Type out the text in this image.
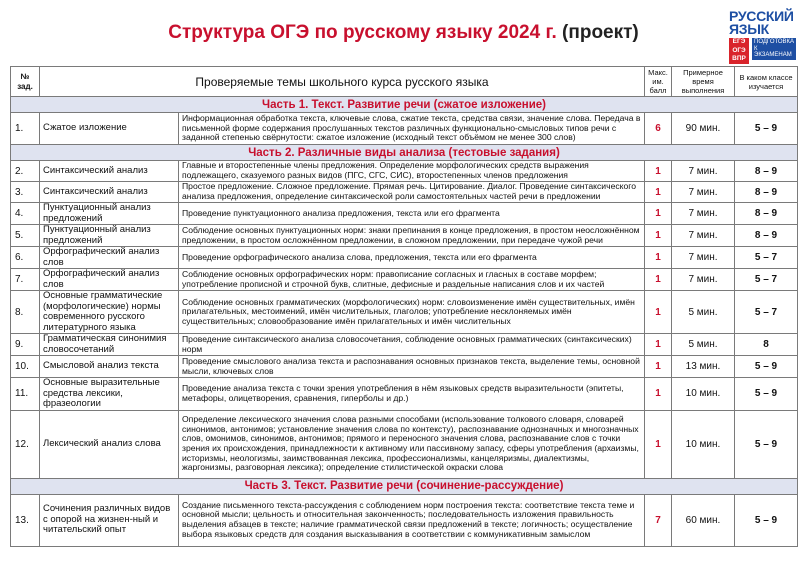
Структура ОГЭ по русскому языку 2024 г. (проект)
РУССКИЙ
ЯЗЫК
ЕГЭ
ОГЭ
ВПР
ПОДГОТОВКА К ЭКЗАМЕНАМ
№ зад.	Проверяемые темы школьного курса русского языка		Макс. им. балл	Примерное время выполнения	В каком классе изучается
Часть 1. Текст. Развитие речи (сжатое изложение)					
1.	Сжатое изложение	Информационная обработка текста, ключевые слова, сжатие текста, средства связи, значение слова. Передача в письменной форме содержания прослушанных текстов различных функционально-смысловых типов речи с заданной степенью свёрнутости: сжатое изложение (исходный текст объёмом не менее 300 слов)	6	90 мин.	5 – 9
Часть 2. Различные виды анализа (тестовые задания)					
2.	Синтаксический анализ	Главные и второстепенные члены предложения. Определение морфологических средств выражения подлежащего, сказуемого разных видов (ПГС, СГС, СИС), второстепенных членов предложения	1	7 мин.	8 – 9
3.	Синтаксический анализ	Простое предложение. Сложное предложение. Прямая речь. Цитирование. Диалог. Проведение синтаксического анализа предложения, определение синтаксической роли самостоятельных частей речи в предложении	1	7 мин.	8 – 9
4.	Пунктуационный анализ предложений	Проведение пунктуационного анализа предложения, текста или его фрагмента	1	7 мин.	8 – 9
5.	Пунктуационный анализ предложений	Соблюдение основных пунктуационных норм: знаки препинания в конце предложения, в простом неосложнённом предложении, в простом осложнённом предложении, в сложном предложении, при передаче чужой речи	1	7 мин.	8 – 9
6.	Орфографический анализ слов	Проведение орфографического анализа слова, предложения, текста или его фрагмента	1	7 мин.	5 – 7
7.	Орфографический анализ слов	Соблюдение основных орфографических норм: правописание согласных и гласных в составе морфем; употребление прописной и строчной букв, слитные, дефисные и раздельные написания слов и их частей	1	7 мин.	5 – 7
8.	Основные грамматические (морфологические) нормы современного русского литературного языка	Соблюдение основных грамматических (морфологических) норм: словоизменение имён существительных, имён прилагательных, местоимений, имён числительных, глаголов; употребление несклоняемых имён существительных; словообразование имён прилагательных и имён числительных	1	5 мин.	5 – 7
9.	Грамматическая синонимия словосочетаний	Проведение синтаксического анализа словосочетания, соблюдение основных грамматических (синтаксических) норм	1	5 мин.	8
10.	Смысловой анализ текста	Проведение смыслового анализа текста и распознавания основных признаков текста, выделение темы, основной мысли, ключевых слов	1	13 мин.	5 – 9
11.	Основные выразительные средства лексики, фразеологии	Проведение анализа текста с точки зрения употребления в нём языковых средств выразительности (эпитеты, метафоры, олицетворения, сравнения, гиперболы и др.)	1	10 мин.	5 – 9
12.	Лексический анализ слова	Определение лексического значения слова разными способами (использование толкового словаря, словарей синонимов, антонимов; установление значения слова по контексту), распознавание однозначных и многозначных слов, омонимов, синонимов, антонимов; прямого и переносного значения слова, распознавание слов с точки зрения их происхождения, принадлежности к активному или пассивному запасу, сферы употребления (архаизмы, историзмы, неологизмы, заимствованная лексика, профессионализмы, канцеляризмы, диалектизмы, жаргонизмы, разговорная лексика); определение стилистической окраски слова	1	10 мин.	5 – 9
Часть 3. Текст. Развитие речи (сочинение-рассуждение)					
13.	Сочинения различных видов с опорой на жизнен-ный и читательский опыт	Создание письменного текста-рассуждения с соблюдением норм построения текста: соответствие текста теме и основной мысли; цельность и относительная законченность; последовательность изложения правильность выделения абзацев в тексте; наличие грамматической связи предложений в тексте; логичность; осуществление выбора языковых средств для создания высказывания в соответствии с коммуникативным замыслом	7	60 мин.	5 – 9
